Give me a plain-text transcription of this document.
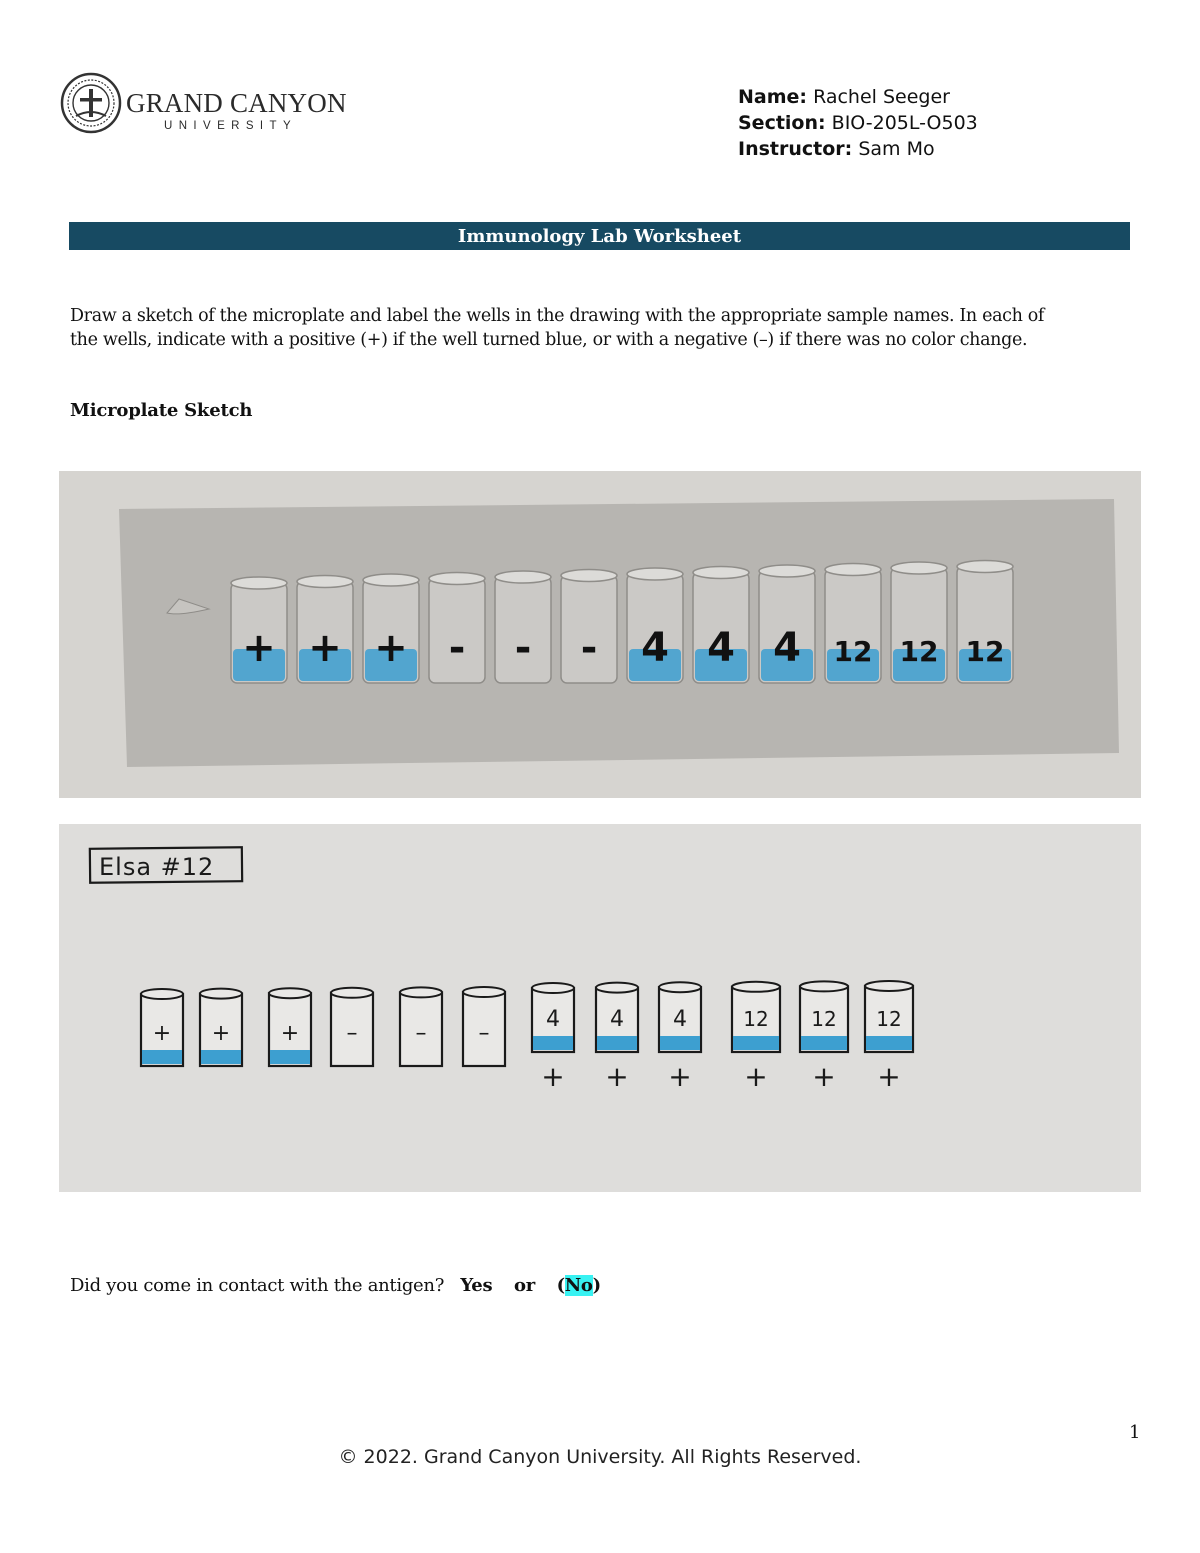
GRAND CANYON
UNIVERSITY
Name: Rachel Seeger
Section: BIO-205L-O503
Instructor: Sam Mo
Immunology Lab Worksheet
Draw a sketch of the microplate and label the wells in the drawing with the appropriate sample names. In each of the wells, indicate with a positive (+) if the well turned blue, or with a negative (–) if there was no color change.
Microplate Sketch
+ + + - - - 4 4 4 12 12 12
Elsa #12
+ + + –	– –
4
+
4
+
4
+
12
+
12
+
12
+
Did you come in contact with the antigen? Yes or (No)
1
© 2022. Grand Canyon University. All Rights Reserved.
